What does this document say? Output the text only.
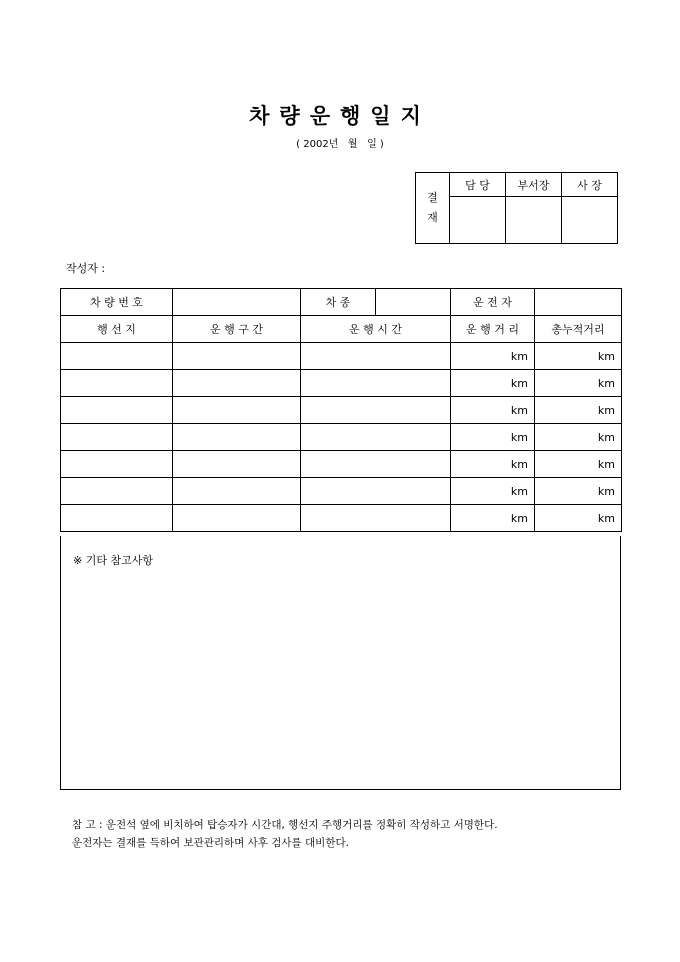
차량운행일지
( 2002년   월   일 )
결
재	담 당	부서장	사 장

작성자 :
차 량 번 호		차 종		운 전 자	
행 선 지	운 행 구 간	운 행 시 간		운 행 거 리	총누적거리
				km	km
				km	km
				km	km
				km	km
				km	km
				km	km
				km	km
※ 기타 참고사항
참 고 : 운전석 옆에 비치하여 탑승자가 시간대, 행선지 주행거리를 정확히 작성하고 서명한다.
운전자는 결재를 득하여 보관관리하며 사후 검사를 대비한다.
